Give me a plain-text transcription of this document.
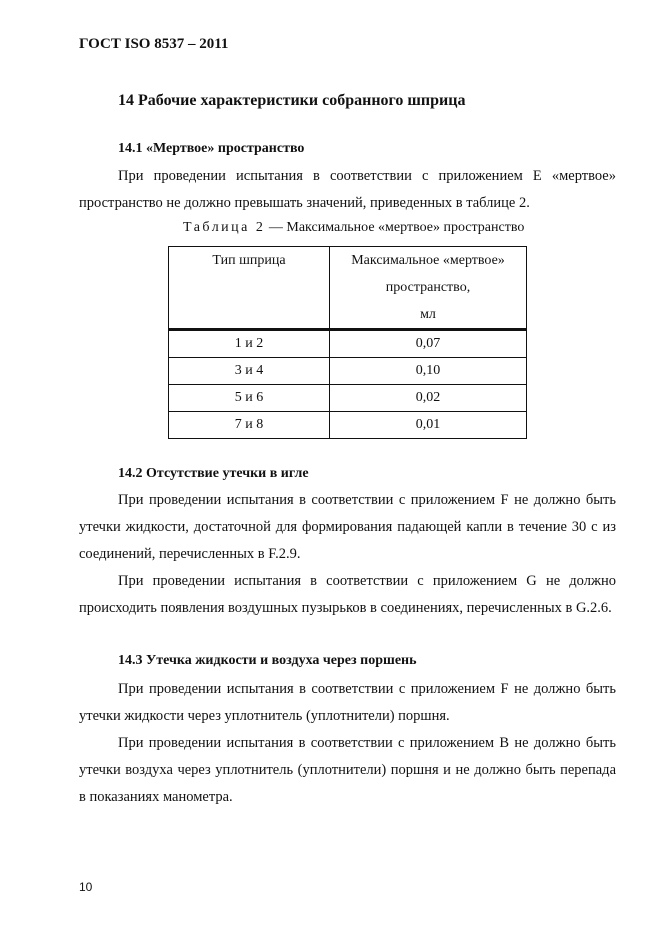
ГОСТ ISO 8537 – 2011
14 Рабочие характеристики собранного шприца
14.1 «Мертвое» пространство

При проведении испытания в соответствии с приложением E «мертвое» пространство не должно превышать значений, приведенных в таблице 2.

Таблица 2 — Максимальное «мертвое» пространство
Тип шприца	Максимальное «мертвое»
пространство,
мл

1 и 2	0,07
3 и 4	0,10
5 и 6	0,02
7 и 8	0,01
14.2 Отсутствие утечки в игле

При проведении испытания в соответствии с приложением F не должно быть утечки жидкости, достаточной для формирования падающей капли в течение 30 с из соединений, перечисленных в F.2.9.

При проведении испытания в соответствии с приложением G не должно происходить появления воздушных пузырьков в соединениях, перечисленных в G.2.6.

14.3 Утечка жидкости и воздуха через поршень

При проведении испытания в соответствии с приложением F не должно быть утечки жидкости через уплотнитель (уплотнители) поршня.

При проведении испытания в соответствии с приложением B не должно быть утечки воздуха через уплотнитель (уплотнители) поршня и не должно быть перепада в показаниях манометра.

10
